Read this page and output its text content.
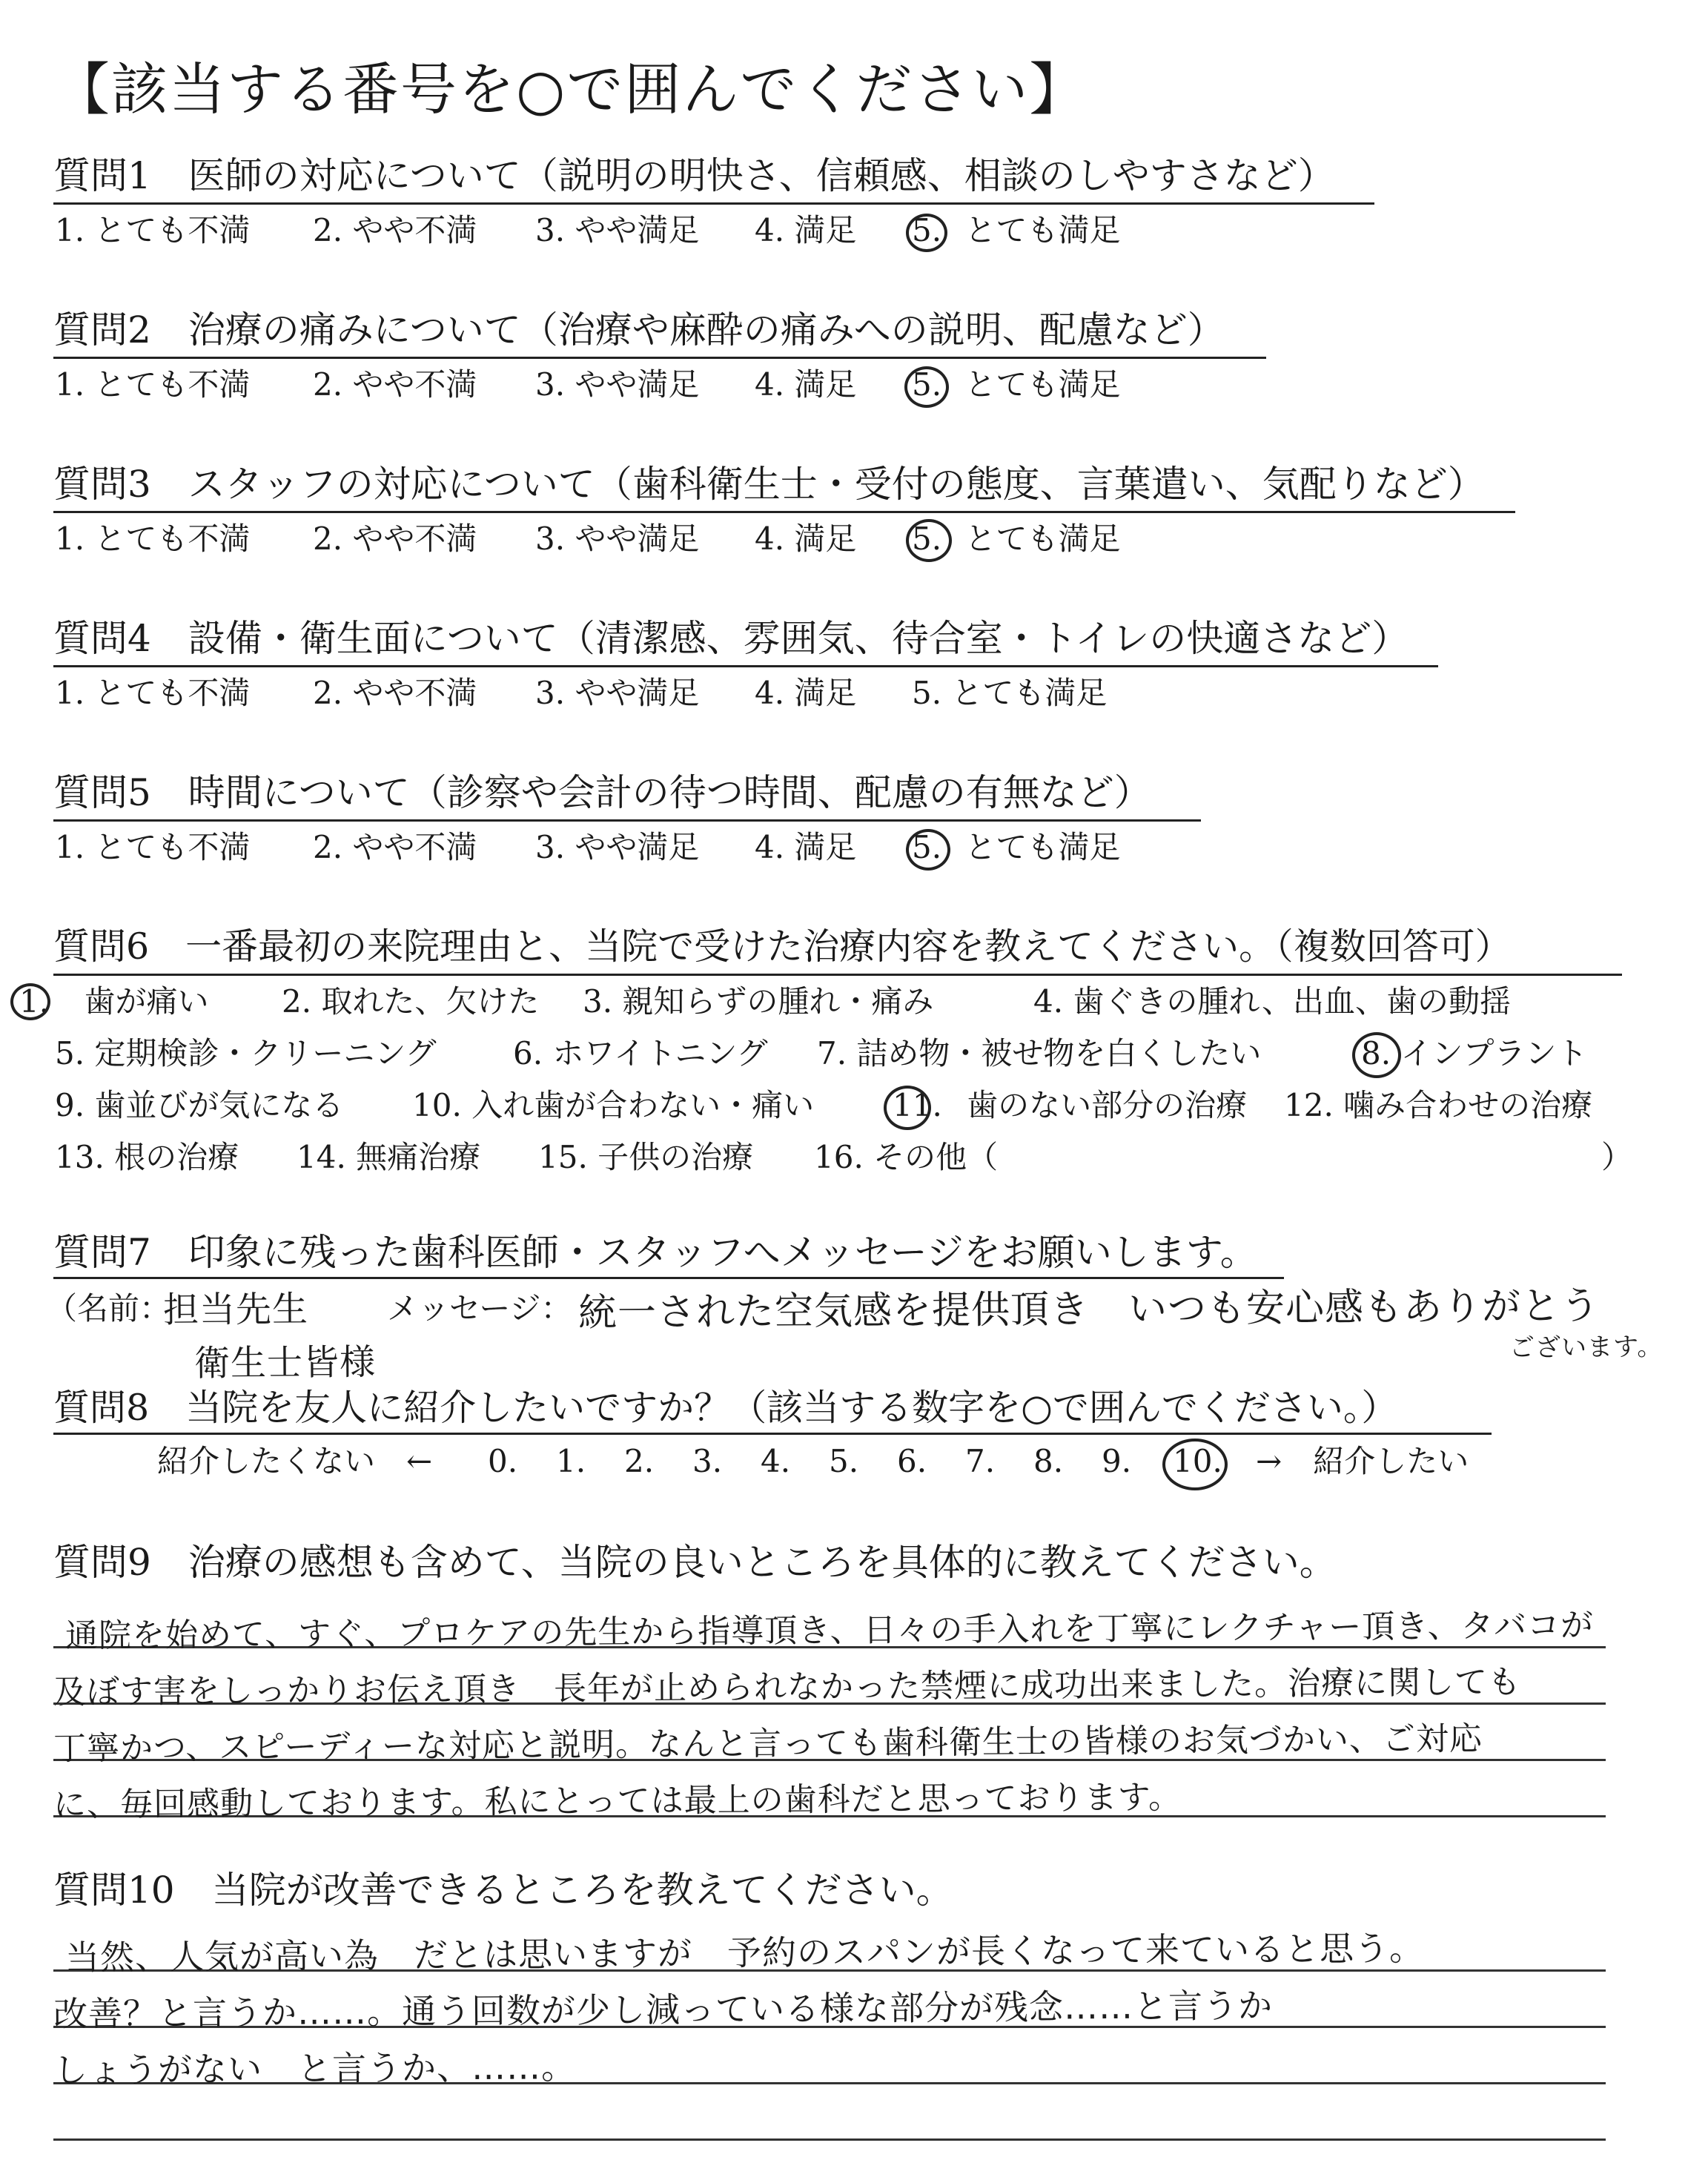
【該当する番号を○で囲んでください】
質問1　医師の対応について（説明の明快さ、信頼感、相談のしやすさなど）
1. とても不満 2. やや不満 3. やや満足 4. 満足 5. とても満足
質問2　治療の痛みについて（治療や麻酔の痛みへの説明、配慮など）
1. とても不満 2. やや不満 3. やや満足 4. 満足 5. とても満足
質問3　スタッフの対応について（歯科衛生士・受付の態度、言葉遣い、気配りなど）
1. とても不満 2. やや不満 3. やや満足 4. 満足 5. とても満足
質問4　設備・衛生面について（清潔感、雰囲気、待合室・トイレの快適さなど）
1. とても不満 2. やや不満 3. やや満足 4. 満足 5. とても満足
質問5　時間について（診察や会計の待つ時間、配慮の有無など）
1. とても不満 2. やや不満 3. やや満足 4. 満足 5. とても満足
質問6　一番最初の来院理由と、当院で受けた治療内容を教えてください。（複数回答可）
1. 歯が痛い 2. 取れた、欠けた 3. 親知らずの腫れ・痛み	4. 歯ぐきの腫れ、出血、歯の動揺
5. 定期検診・クリーニング 6. ホワイトニング 7. 詰め物・被せ物を白くしたい	8. インプラント
9. 歯並びが気になる 10. 入れ歯が合わない・痛い	11. 歯のない部分の治療 12. 噛み合わせの治療
13. 根の治療 14. 無痛治療 15. 子供の治療 16. その他（	）
質問7　印象に残った歯科医師・スタッフへメッセージをお願いします。
（名前：
担当先生
衛生士皆様
メッセージ： 統一された空気感を提供頂き　いつも安心感もありがとう
ございます。
質問8　当院を友人に紹介したいですか？（該当する数字を○で囲んでください。）
紹介したくない　← 0. 1. 2. 3. 4. 5. 6. 7. 8. 9. 10. →　紹介したい
質問9　治療の感想も含めて、当院の良いところを具体的に教えてください。
通院を始めて、すぐ、プロケアの先生から指導頂き、日々の手入れを丁寧にレクチャー頂き、タバコが
及ぼす害をしっかりお伝え頂き　長年が止められなかった禁煙に成功出来ました。治療に関しても
丁寧かつ、スピーディーな対応と説明。なんと言っても歯科衛生士の皆様のお気づかい、ご対応
に、毎回感動しております。私にとっては最上の歯科だと思っております。
質問10　当院が改善できるところを教えてください。
当然、人気が高い為　だとは思いますが　予約のスパンが長くなって来ていると思う。
改善？と言うか……。通う回数が少し減っている様な部分が残念……と言うか
しょうがない　と言うか、……。
